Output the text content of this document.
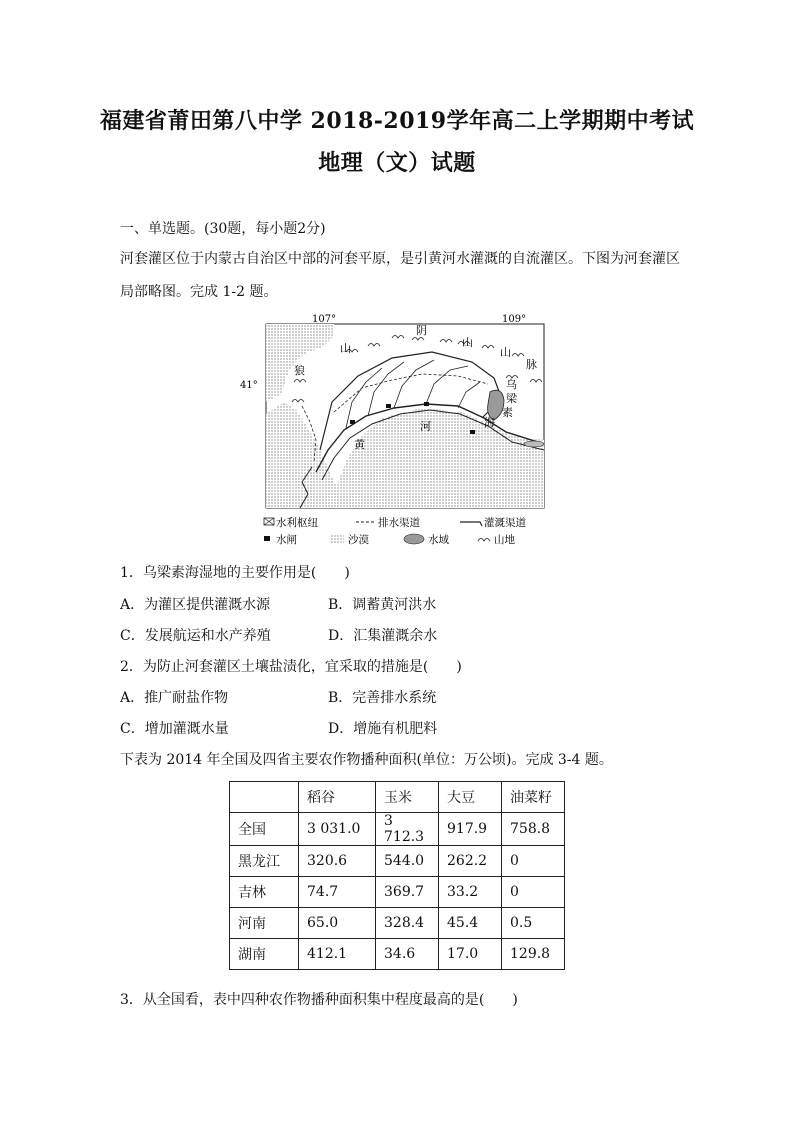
福建省莆田第八中学 2018-2019学年高二上学期期中考试
地理（文）试题
一、单选题。(30题，每小题2分)
河套灌区位于内蒙古自治区中部的河套平原，是引黄河水灌溉的自流灌区。下图为河套灌区
局部略图。完成 1-2 题。
107°	109°
41°
阴
山
山
脉
狼
山
乌
梁
素
海
河
黄
水利枢纽	排水渠道	灌溉渠道
水闸	沙漠	水域	山地
1．乌梁素海湿地的主要作用是(　　)
A．为灌区提供灌溉水源	B．调蓄黄河洪水
C．发展航运和水产养殖	D．汇集灌溉余水
2．为防止河套灌区土壤盐渍化，宜采取的措施是(　　)
A．推广耐盐作物	B．完善排水系统
C．增加灌溉水量	D．增施有机肥料
下表为 2014 年全国及四省主要农作物播种面积(单位：万公顷)。完成 3-4 题。
	稻谷	玉米	大豆	油菜籽
全国	3 031.0	3 712.3	917.9	758.8
黑龙江	320.6	544.0	262.2	0
吉林	74.7	369.7	33.2	0
河南	65.0	328.4	45.4	0.5
湖南	412.1	34.6	17.0	129.8
3．从全国看，表中四种农作物播种面积集中程度最高的是(　　)
